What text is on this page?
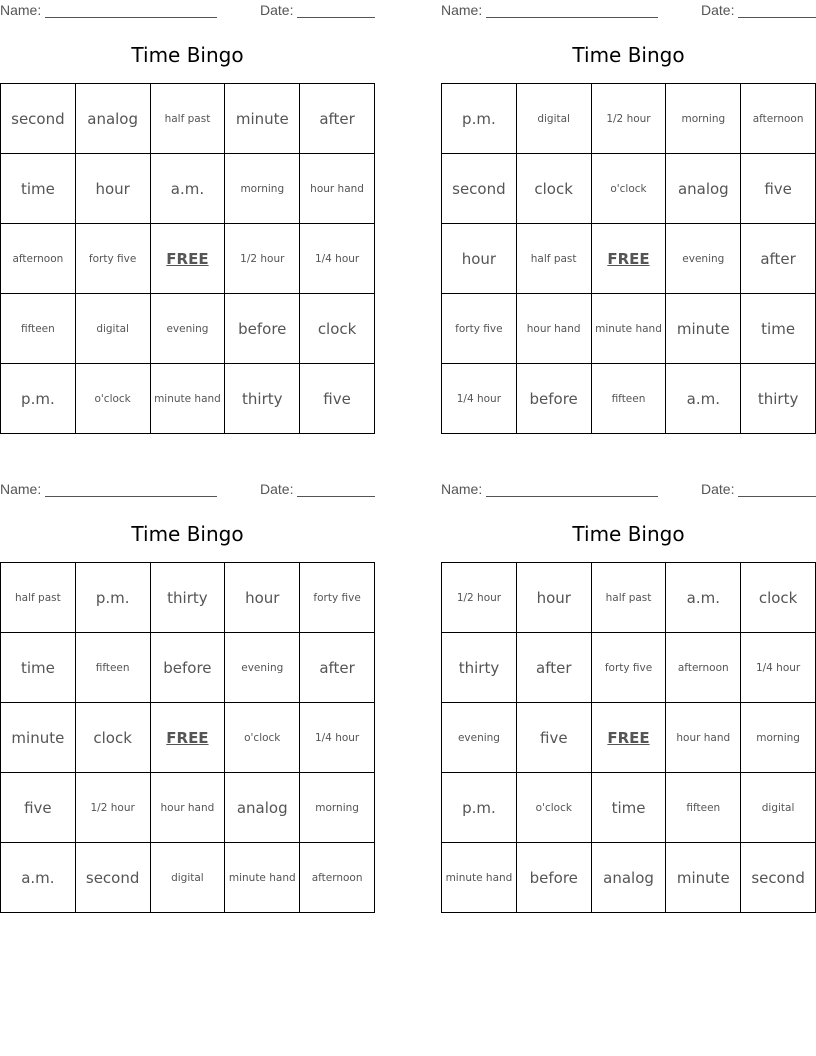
Name:	Date:
Time Bingo
second	analog	half past	minute	after
time	hour	a.m.	morning	hour hand
afternoon	forty five	FREE	1/2 hour	1/4 hour
fifteen	digital	evening	before	clock
p.m.	o'clock	minute hand	thirty	five
Name:	Date:
Time Bingo
p.m.	digital	1/2 hour	morning	afternoon
second	clock	o'clock	analog	five
hour	half past	FREE	evening	after
forty five	hour hand	minute hand	minute	time
1/4 hour	before	fifteen	a.m.	thirty
Name:	Date:
Time Bingo
half past	p.m.	thirty	hour	forty five
time	fifteen	before	evening	after
minute	clock	FREE	o'clock	1/4 hour
five	1/2 hour	hour hand	analog	morning
a.m.	second	digital	minute hand	afternoon
Name:	Date:
Time Bingo
1/2 hour	hour	half past	a.m.	clock
thirty	after	forty five	afternoon	1/4 hour
evening	five	FREE	hour hand	morning
p.m.	o'clock	time	fifteen	digital
minute hand	before	analog	minute	second
